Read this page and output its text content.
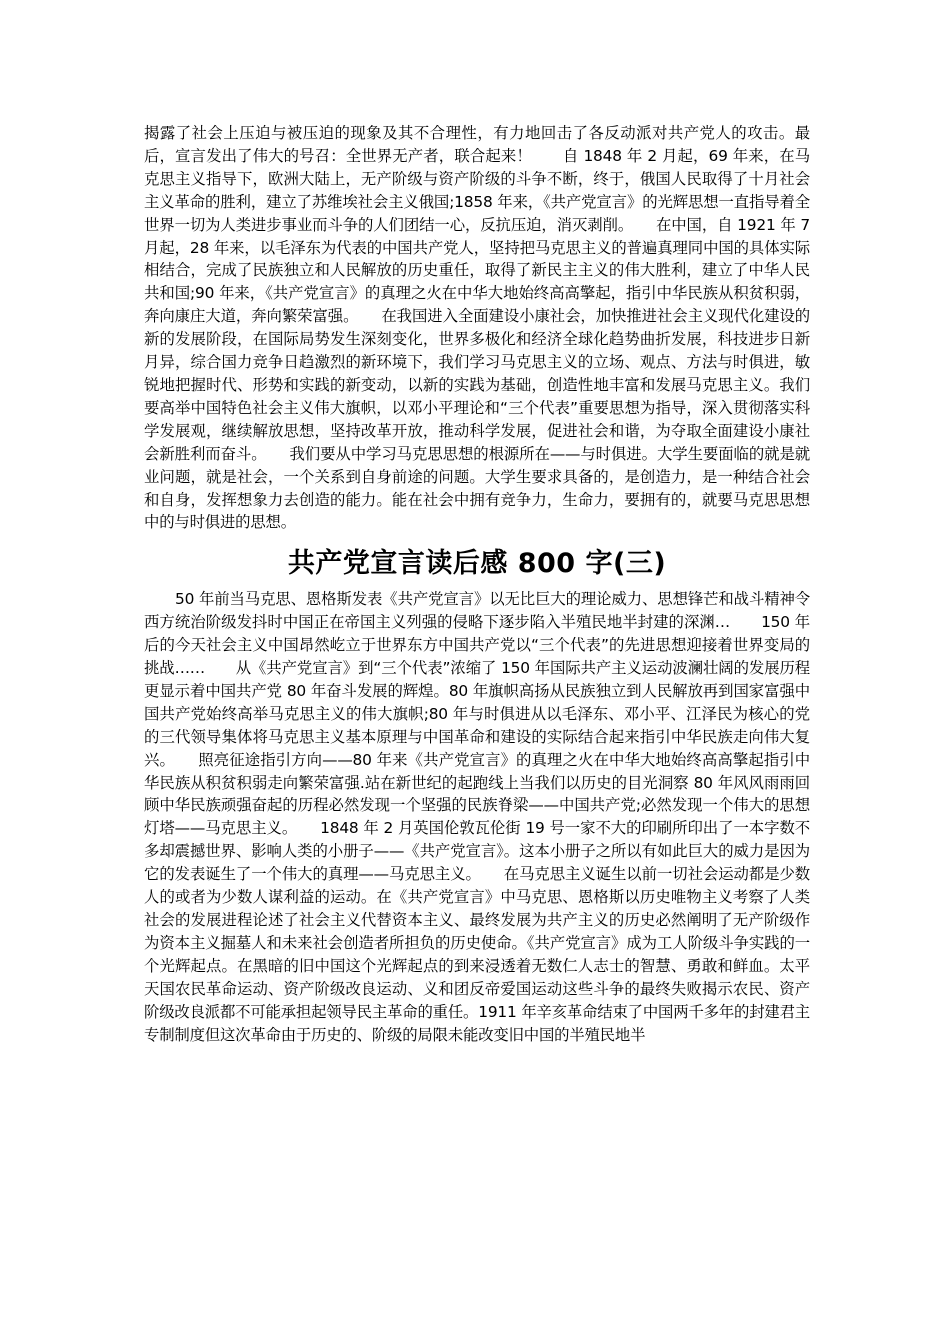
揭露了社会上压迫与被压迫的现象及其不合理性，有力地回击了各反动派对共产党人的攻击。最后，宣言发出了伟大的号召：全世界无产者，联合起来！　　自 1848 年 2 月起，69 年来，在马克思主义指导下，欧洲大陆上，无产阶级与资产阶级的斗争不断，终于，俄国人民取得了十月社会主义革命的胜利，建立了苏维埃社会主义俄国;1858 年来，《共产党宣言》的光辉思想一直指导着全世界一切为人类进步事业而斗争的人们团结一心，反抗压迫，消灭剥削。　　在中国，自 1921 年 7 月起，28 年来，以毛泽东为代表的中国共产党人，坚持把马克思主义的普遍真理同中国的具体实际相结合，完成了民族独立和人民解放的历史重任，取得了新民主主义的伟大胜利，建立了中华人民共和国;90 年来，《共产党宣言》的真理之火在中华大地始终高高擎起，指引中华民族从积贫积弱，奔向康庄大道，奔向繁荣富强。　　在我国进入全面建设小康社会，加快推进社会主义现代化建设的新的发展阶段，在国际局势发生深刻变化，世界多极化和经济全球化趋势曲折发展，科技进步日新月异，综合国力竞争日趋激烈的新环境下，我们学习马克思主义的立场、观点、方法与时俱进，敏锐地把握时代、形势和实践的新变动，以新的实践为基础，创造性地丰富和发展马克思主义。我们要高举中国特色社会主义伟大旗帜，以邓小平理论和“三个代表”重要思想为指导，深入贯彻落实科学发展观，继续解放思想，坚持改革开放，推动科学发展，促进社会和谐，为夺取全面建设小康社会新胜利而奋斗。　　我们要从中学习马克思思想的根源所在——与时俱进。大学生要面临的就是就业问题，就是社会，一个关系到自身前途的问题。大学生要求具备的，是创造力，是一种结合社会和自身，发挥想象力去创造的能力。能在社会中拥有竞争力，生命力，要拥有的，就要马克思思想中的与时俱进的思想。

共产党宣言读后感 800 字(三)

50 年前当马克思、恩格斯发表《共产党宣言》以无比巨大的理论威力、思想锋芒和战斗精神令西方统治阶级发抖时中国正在帝国主义列强的侵略下逐步陷入半殖民地半封建的深渊…　　150 年后的今天社会主义中国昂然屹立于世界东方中国共产党以“三个代表”的先进思想迎接着世界变局的挑战……　　从《共产党宣言》到“三个代表”浓缩了 150 年国际共产主义运动波澜壮阔的发展历程更显示着中国共产党 80 年奋斗发展的辉煌。80 年旗帜高扬从民族独立到人民解放再到国家富强中国共产党始终高举马克思主义的伟大旗帜;80 年与时俱进从以毛泽东、邓小平、江泽民为核心的党的三代领导集体将马克思主义基本原理与中国革命和建设的实际结合起来指引中华民族走向伟大复兴。　　照亮征途指引方向——80 年来《共产党宣言》的真理之火在中华大地始终高高擎起指引中华民族从积贫积弱走向繁荣富强.站在新世纪的起跑线上当我们以历史的目光洞察 80 年风风雨雨回顾中华民族顽强奋起的历程必然发现一个坚强的民族脊梁——中国共产党;必然发现一个伟大的思想灯塔——马克思主义。　　1848 年 2 月英国伦敦瓦伦街 19 号一家不大的印刷所印出了一本字数不多却震撼世界、影响人类的小册子——《共产党宣言》。这本小册子之所以有如此巨大的威力是因为它的发表诞生了一个伟大的真理——马克思主义。　　在马克思主义诞生以前一切社会运动都是少数人的或者为少数人谋利益的运动。在《共产党宣言》中马克思、恩格斯以历史唯物主义考察了人类社会的发展进程论述了社会主义代替资本主义、最终发展为共产主义的历史必然阐明了无产阶级作为资本主义掘墓人和未来社会创造者所担负的历史使命。《共产党宣言》成为工人阶级斗争实践的一个光辉起点。在黑暗的旧中国这个光辉起点的到来浸透着无数仁人志士的智慧、勇敢和鲜血。太平天国农民革命运动、资产阶级改良运动、义和团反帝爱国运动这些斗争的最终失败揭示农民、资产阶级改良派都不可能承担起领导民主革命的重任。1911 年辛亥革命结束了中国两千多年的封建君主专制制度但这次革命由于历史的、阶级的局限未能改变旧中国的半殖民地半
